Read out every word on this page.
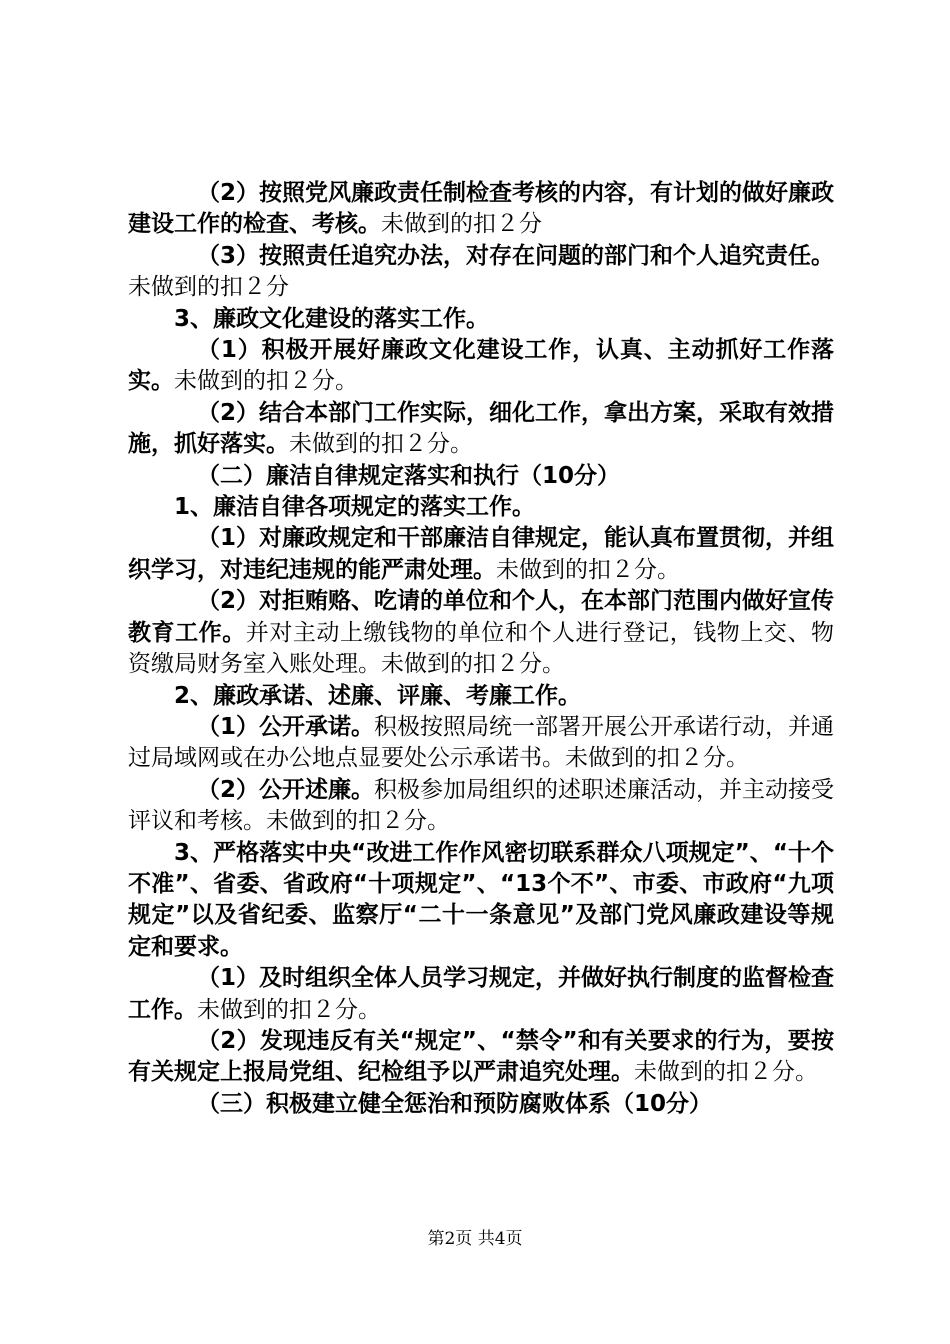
（2）按照党风廉政责任制检查考核的内容，有计划的做好廉政建设工作的检查、考核。未做到的扣２分

（3）按照责任追究办法，对存在问题的部门和个人追究责任。未做到的扣２分

3、廉政文化建设的落实工作。

（1）积极开展好廉政文化建设工作，认真、主动抓好工作落实。未做到的扣２分。

（2）结合本部门工作实际，细化工作，拿出方案，采取有效措施，抓好落实。未做到的扣２分。

（二）廉洁自律规定落实和执行（10分）

1、廉洁自律各项规定的落实工作。

（1）对廉政规定和干部廉洁自律规定，能认真布置贯彻，并组织学习，对违纪违规的能严肃处理。未做到的扣２分。

（2）对拒贿赂、吃请的单位和个人，在本部门范围内做好宣传教育工作。并对主动上缴钱物的单位和个人进行登记，钱物上交、物资缴局财务室入账处理。未做到的扣２分。

2、廉政承诺、述廉、评廉、考廉工作。

（1）公开承诺。积极按照局统一部署开展公开承诺行动，并通过局域网或在办公地点显要处公示承诺书。未做到的扣２分。

（2）公开述廉。积极参加局组织的述职述廉活动，并主动接受评议和考核。未做到的扣２分。

3、严格落实中央“改进工作作风密切联系群众八项规定”、“十个不准”、省委、省政府“十项规定”、“13个不”、市委、市政府“九项规定”以及省纪委、监察厅“二十一条意见”及部门党风廉政建设等规定和要求。

（1）及时组织全体人员学习规定，并做好执行制度的监督检查工作。未做到的扣２分。

（2）发现违反有关“规定”、“禁令”和有关要求的行为，要按有关规定上报局党组、纪检组予以严肃追究处理。未做到的扣２分。

（三）积极建立健全惩治和预防腐败体系（10分）

第2页 共4页
